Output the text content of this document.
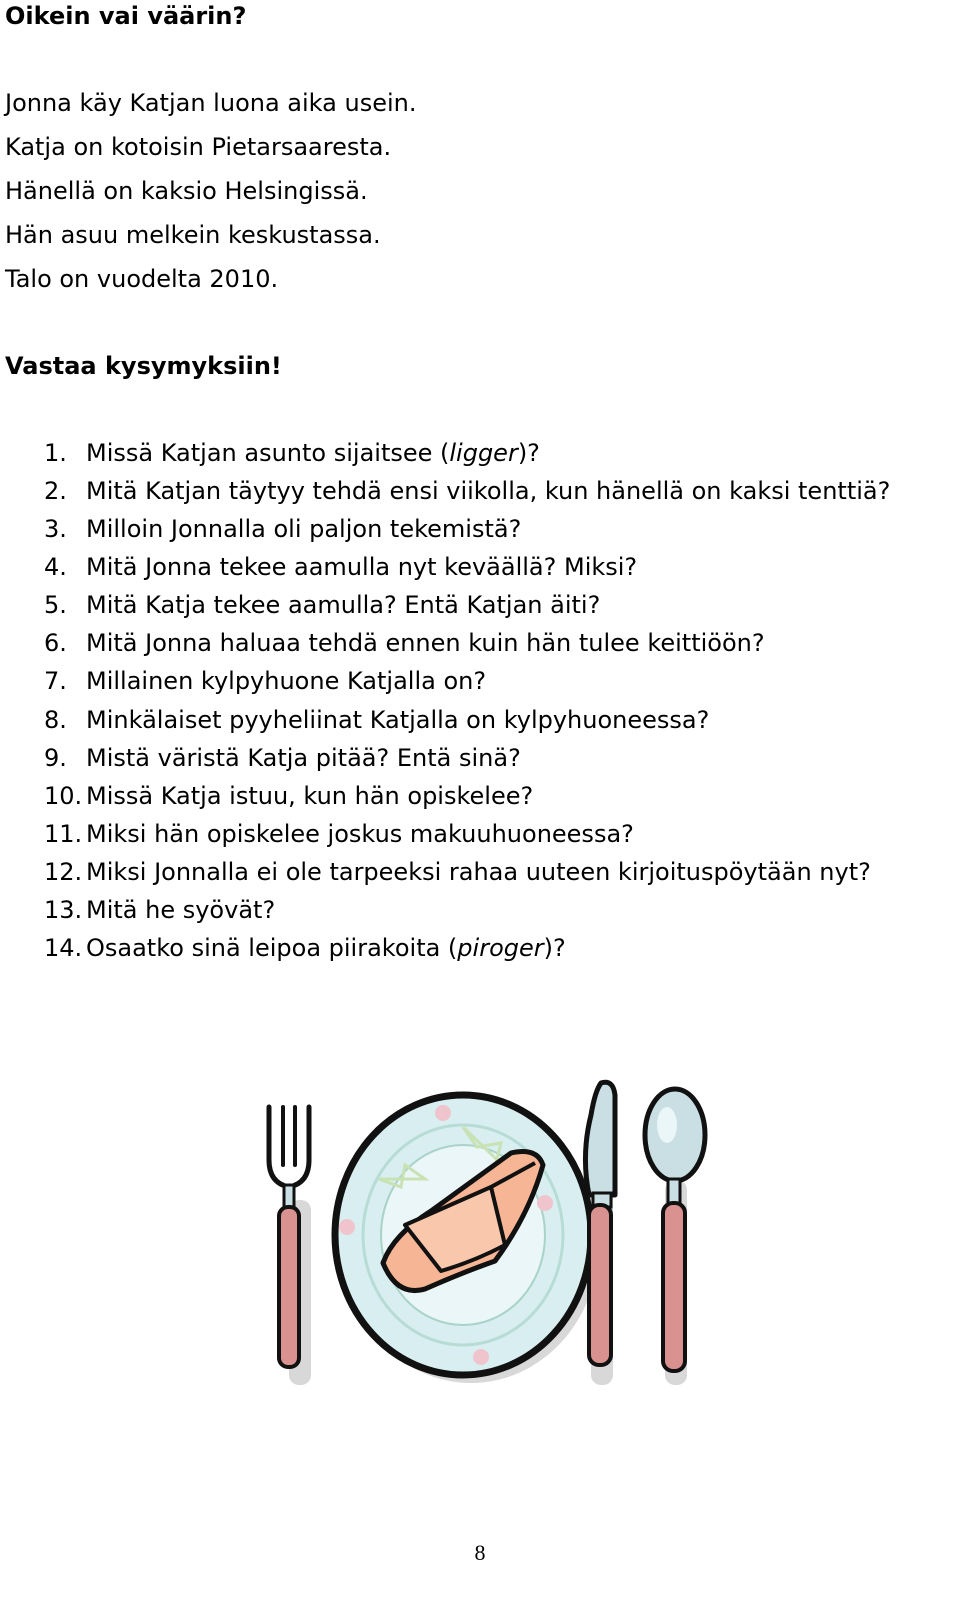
Oikein vai väärin?
Jonna käy Katjan luona aika usein.
Katja on kotoisin Pietarsaaresta.
Hänellä on kaksio Helsingissä.
Hän asuu melkein keskustassa.
Talo on vuodelta 2010.
Vastaa kysymyksiin!
1. Missä Katjan asunto sijaitsee (ligger)?
2. Mitä Katjan täytyy tehdä ensi viikolla, kun hänellä on kaksi tenttiä?
3. Milloin Jonnalla oli paljon tekemistä?
4. Mitä Jonna tekee aamulla nyt keväällä? Miksi?
5. Mitä Katja tekee aamulla? Entä Katjan äiti?
6. Mitä Jonna haluaa tehdä ennen kuin hän tulee keittiöön?
7. Millainen kylpyhuone Katjalla on?
8. Minkälaiset pyyheliinat Katjalla on kylpyhuoneessa?
9. Mistä väristä Katja pitää? Entä sinä?
10. Missä Katja istuu, kun hän opiskelee?
11. Miksi hän opiskelee joskus makuuhuoneessa?
12. Miksi Jonnalla ei ole tarpeeksi rahaa uuteen kirjoituspöytään nyt?
13. Mitä he syövät?
14. Osaatko sinä leipoa piirakoita (piroger)?
8
